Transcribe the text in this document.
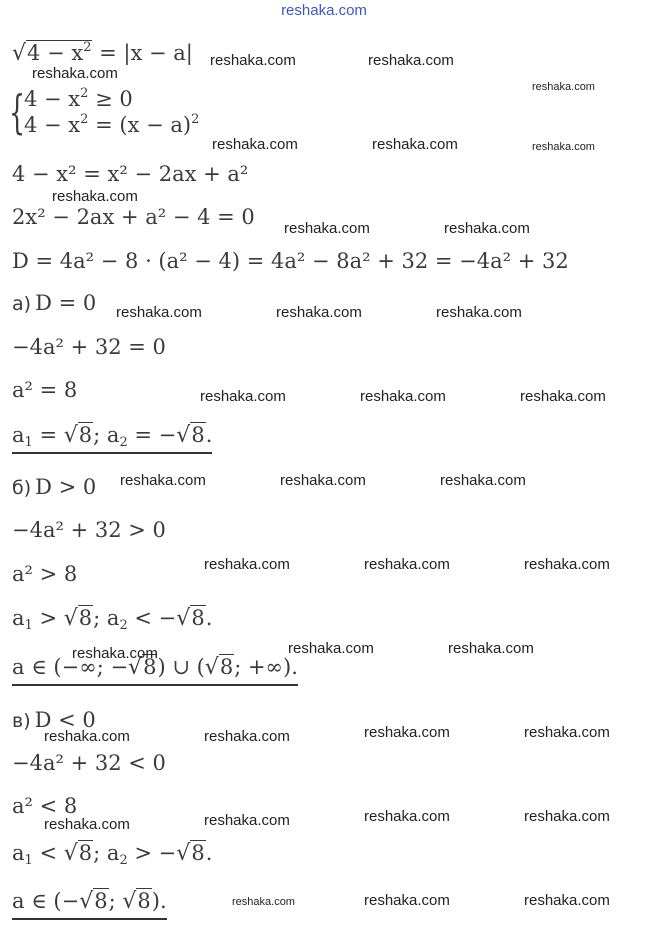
reshaka.com
$√4 - x^2 = |x - a|$
{
$4 - x^2 \ge 0$
$4 - x^2 = (x - a)^2$
4 − x² = x² − 2ax + a²
2x² − 2ax + a² − 4 = 0
D = 4a² − 8 · (a² − 4) = 4a² − 8a² + 32 = −4a² + 32
а) D = 0
−4a² + 32 = 0
a² = 8
$a_1 = √8$; $a_2 = -√8$.
б) D > 0
−4a² + 32 > 0
a² > 8
$a_1 > √8$; $a_2 < -√8$.
a ∈ (−∞; −√8) ∪ (√8; +∞).
в) D < 0
−4a² + 32 < 0
a² < 8
$a_1 < √8$; $a_2 > -√8$.
a ∈ (−√8; √8).
reshaka.com	reshaka.com
reshaka.com
reshaka.com
reshaka.com	reshaka.com	reshaka.com
reshaka.com
reshaka.com	reshaka.com
reshaka.com	reshaka.com	reshaka.com
reshaka.com	reshaka.com	reshaka.com
reshaka.com	reshaka.com	reshaka.com
reshaka.com	reshaka.com	reshaka.com
reshaka.com	reshaka.com	reshaka.com
reshaka.com	reshaka.com	reshaka.com	reshaka.com
reshaka.com	reshaka.com	reshaka.com	reshaka.com
reshaka.com	reshaka.com	reshaka.com
